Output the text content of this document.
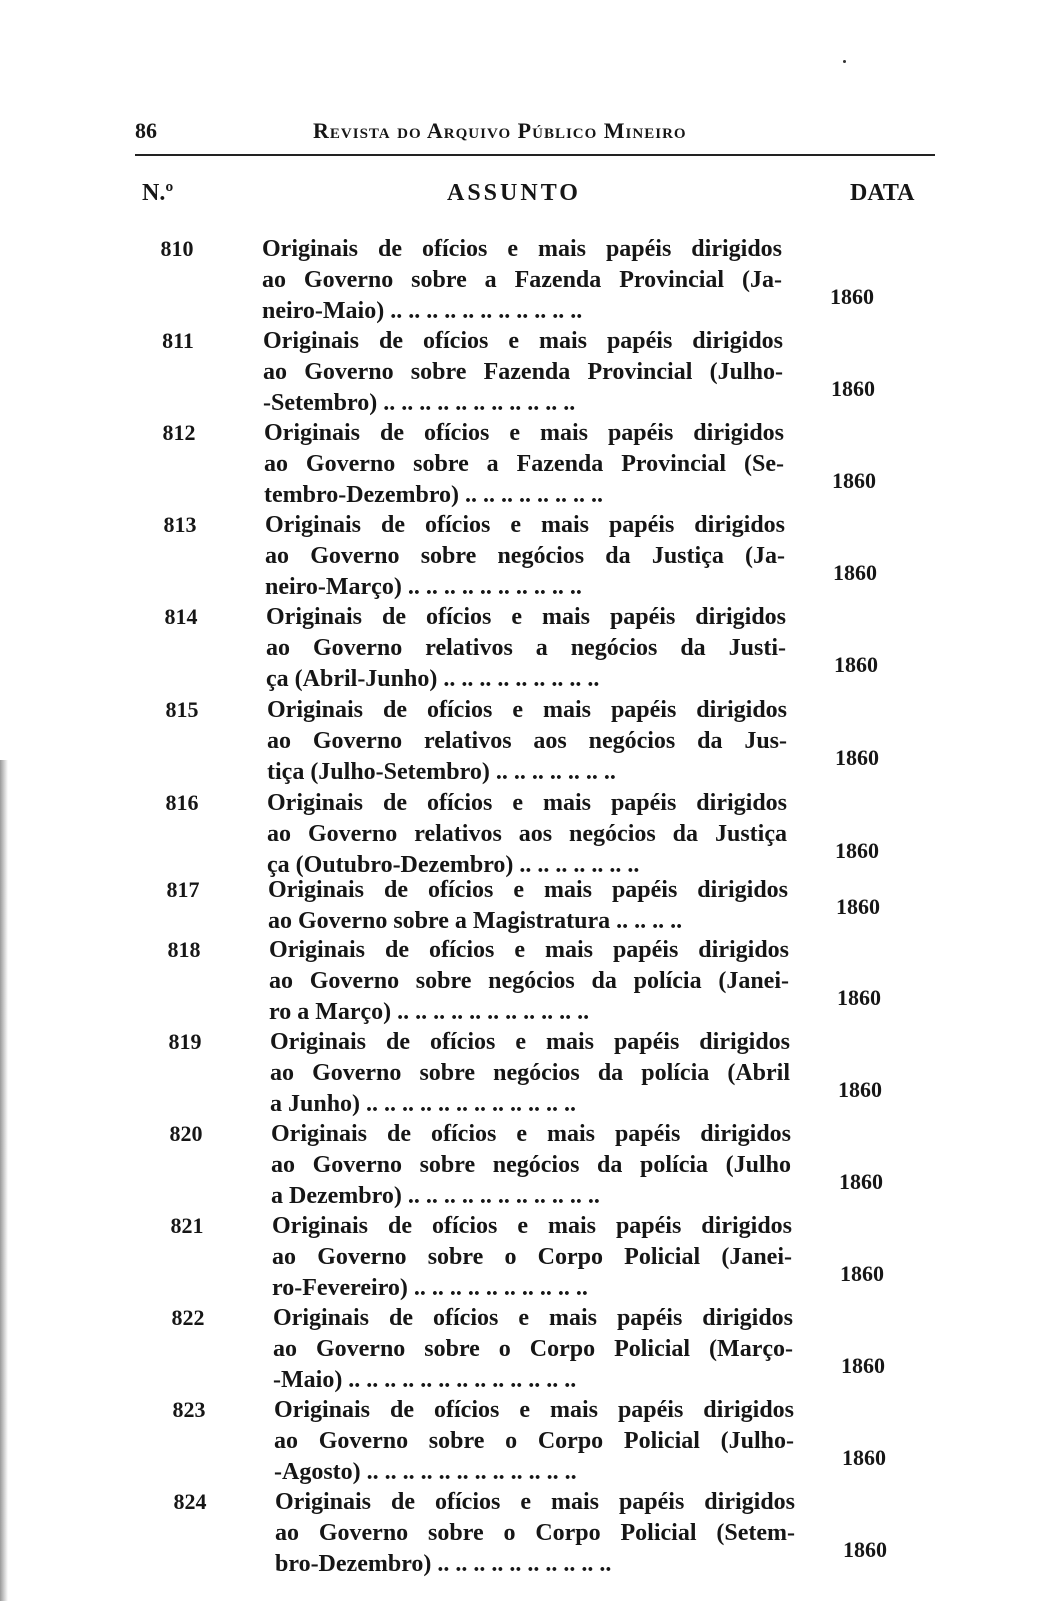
86	Revista do Arquivo Público Mineiro
N.º	ASSUNTO	DATA
810	Originais de ofícios e mais papéis dirigidos
ao Governo sobre a Fazenda Provincial (Ja-
neiro-Maio) .. .. .. .. .. .. .. .. .. .. ..
1860
811	Originais de ofícios e mais papéis dirigidos
ao Governo sobre Fazenda Provincial (Julho-
-Setembro) .. .. .. .. .. .. .. .. .. .. ..
1860
812	Originais de ofícios e mais papéis dirigidos
ao Governo sobre a Fazenda Provincial (Se-
tembro-Dezembro) .. .. .. .. .. .. .. ..
1860
813	Originais de ofícios e mais papéis dirigidos
ao Governo sobre negócios da Justiça (Ja-
neiro-Março) .. .. .. .. .. .. .. .. .. ..
1860
814	Originais de ofícios e mais papéis dirigidos
ao Governo relativos a negócios da Justi-
ça (Abril-Junho) .. .. .. .. .. .. .. .. ..
1860
815	Originais de ofícios e mais papéis dirigidos
ao Governo relativos aos negócios da Jus-
tiça (Julho-Setembro) .. .. .. .. .. .. ..
1860
816	Originais de ofícios e mais papéis dirigidos
ao Governo relativos aos negócios da Justiça
ça (Outubro-Dezembro) .. .. .. .. .. .. ..
1860
817	Originais de ofícios e mais papéis dirigidos
ao Governo sobre a Magistratura .. .. .. ..
1860
818	Originais de ofícios e mais papéis dirigidos
ao Governo sobre negócios da polícia (Janei-
ro a Março) .. .. .. .. .. .. .. .. .. .. ..
1860
819	Originais de ofícios e mais papéis dirigidos
ao Governo sobre negócios da polícia (Abril
a Junho) .. .. .. .. .. .. .. .. .. .. .. ..
1860
820	Originais de ofícios e mais papéis dirigidos
ao Governo sobre negócios da polícia (Julho
a Dezembro) .. .. .. .. .. .. .. .. .. .. ..
1860
821	Originais de ofícios e mais papéis dirigidos
ao Governo sobre o Corpo Policial (Janei-
ro-Fevereiro) .. .. .. .. .. .. .. .. .. ..
1860
822	Originais de ofícios e mais papéis dirigidos
ao Governo sobre o Corpo Policial (Março-
-Maio) .. .. .. .. .. .. .. .. .. .. .. .. ..
1860
823	Originais de ofícios e mais papéis dirigidos
ao Governo sobre o Corpo Policial (Julho-
-Agosto) .. .. .. .. .. .. .. .. .. .. .. ..
1860
824	Originais de ofícios e mais papéis dirigidos
ao Governo sobre o Corpo Policial (Setem-
bro-Dezembro) .. .. .. .. .. .. .. .. .. ..
1860
